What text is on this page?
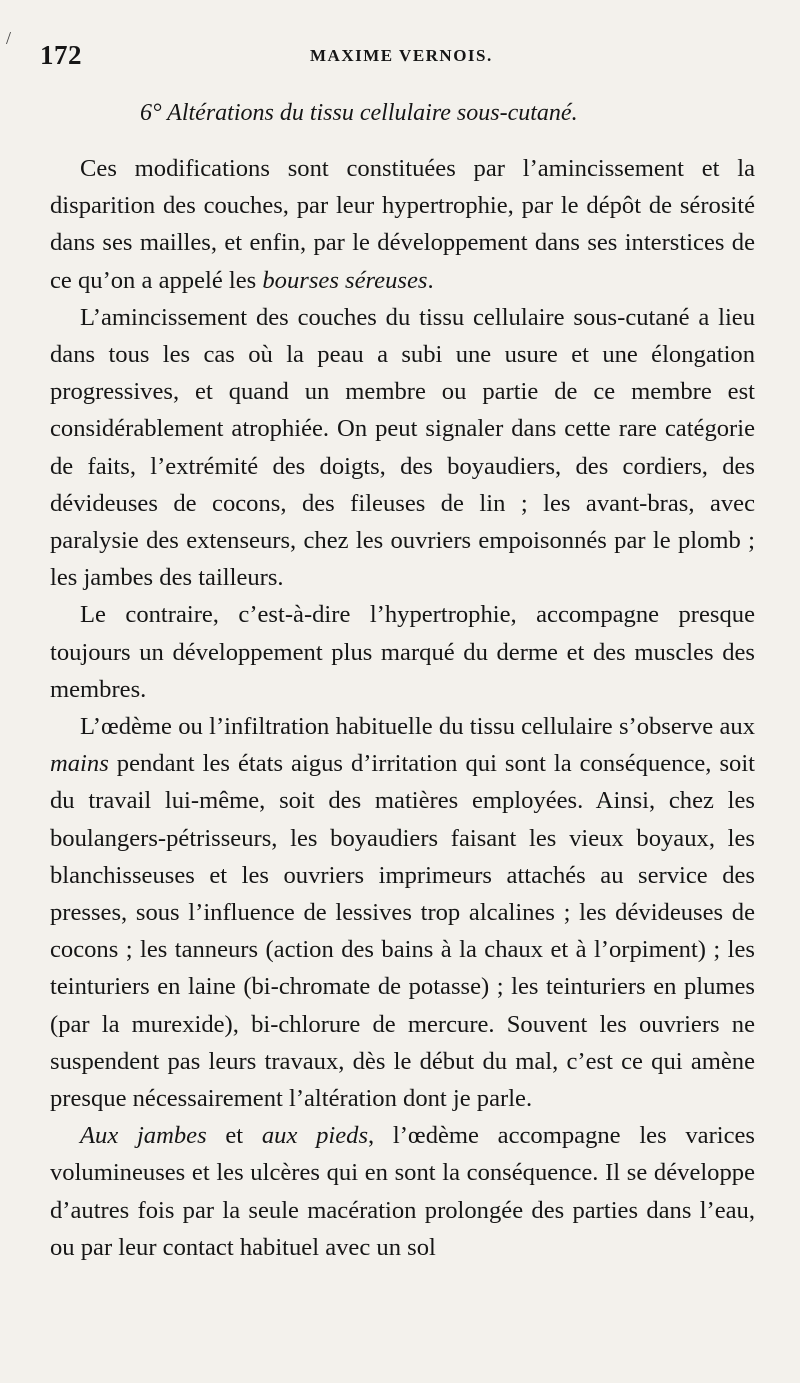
/
172	MAXIME VERNOIS.
6° Altérations du tissu cellulaire sous-cutané.

Ces modifications sont constituées par l’amincissement et la disparition des couches, par leur hypertrophie, par le dépôt de sérosité dans ses mailles, et enfin, par le développement dans ses interstices de ce qu’on a appelé les bourses séreuses.

L’amincissement des couches du tissu cellulaire sous-cutané a lieu dans tous les cas où la peau a subi une usure et une élongation progressives, et quand un membre ou partie de ce membre est considérablement atrophiée. On peut signaler dans cette rare catégorie de faits, l’extrémité des doigts, des boyaudiers, des cordiers, des dévideuses de cocons, des fileuses de lin ; les avant-bras, avec paralysie des extenseurs, chez les ouvriers empoisonnés par le plomb ; les jambes des tailleurs.

Le contraire, c’est-à-dire l’hypertrophie, accompagne presque toujours un développement plus marqué du derme et des muscles des membres.

L’œdème ou l’infiltration habituelle du tissu cellulaire s’observe aux mains pendant les états aigus d’irritation qui sont la conséquence, soit du travail lui-même, soit des matières employées. Ainsi, chez les boulangers-pétrisseurs, les boyaudiers faisant les vieux boyaux, les blanchisseuses et les ouvriers imprimeurs attachés au service des presses, sous l’influence de lessives trop alcalines ; les dévideuses de cocons ; les tanneurs (action des bains à la chaux et à l’orpiment) ; les teinturiers en laine (bi-chromate de potasse) ; les teinturiers en plumes (par la murexide), bi-chlorure de mercure. Souvent les ouvriers ne suspendent pas leurs travaux, dès le début du mal, c’est ce qui amène presque nécessairement l’altération dont je parle.

Aux jambes et aux pieds, l’œdème accompagne les varices volumineuses et les ulcères qui en sont la conséquence. Il se développe d’autres fois par la seule macération prolongée des parties dans l’eau, ou par leur contact habituel avec un sol
